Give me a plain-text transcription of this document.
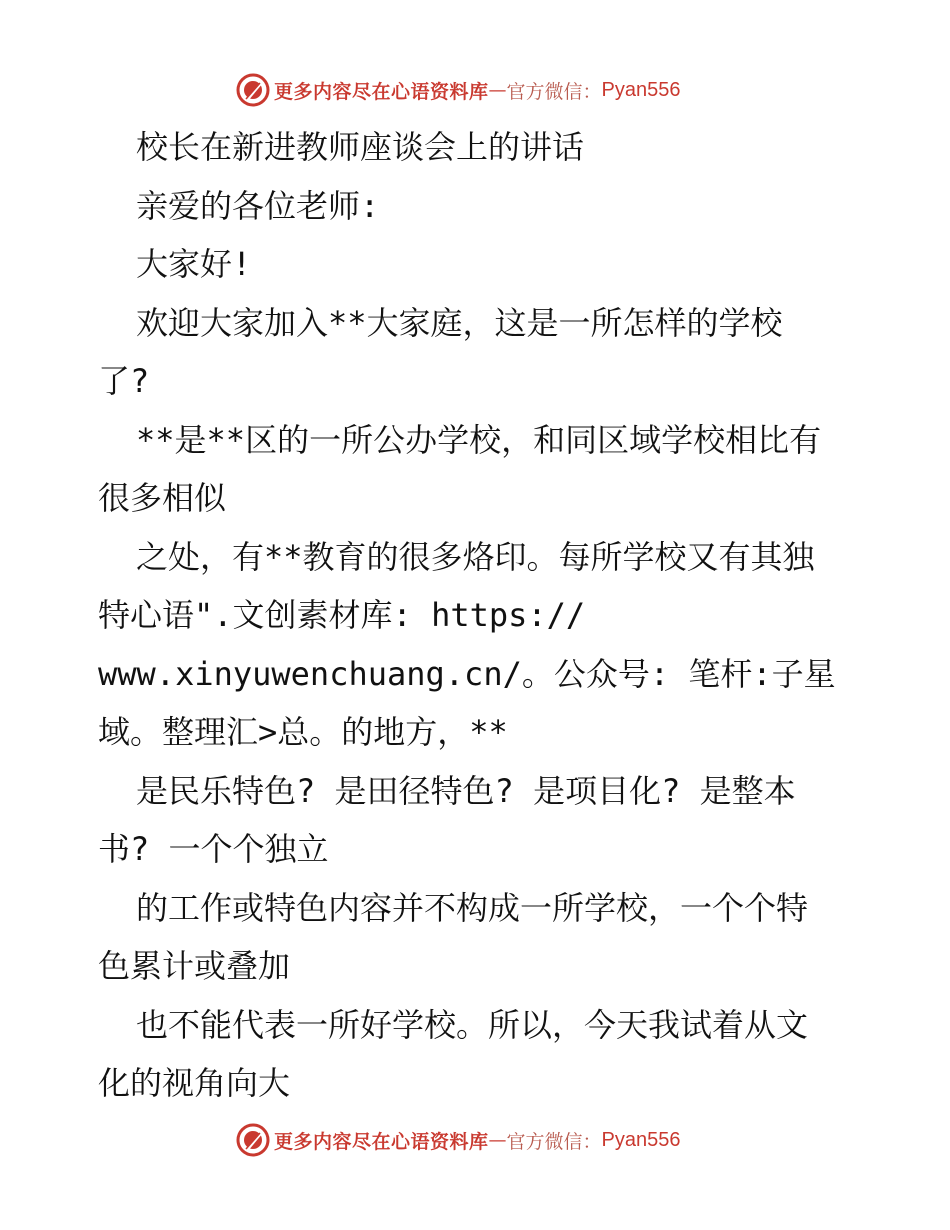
更多内容尽在心语资料库 — 官方微信： Pyan556

校长在新进教师座谈会上的讲话

亲爱的各位老师:

大家好!

欢迎大家加入**大家庭，这是一所怎样的学校

了?

**是**区的一所公办学校，和同区域学校相比有

很多相似

之处，有**教育的很多烙印。每所学校又有其独

特心语".文创素材库: https://

www.xinyuwenchuang.cn/。公众号: 笔杆:子星

域。整理汇>总。的地方，**

是民乐特色? 是田径特色? 是项目化? 是整本

书? 一个个独立

的工作或特色内容并不构成一所学校，一个个特

色累计或叠加

也不能代表一所好学校。所以，今天我试着从文

化的视角向大

更多内容尽在心语资料库 — 官方微信： Pyan556
